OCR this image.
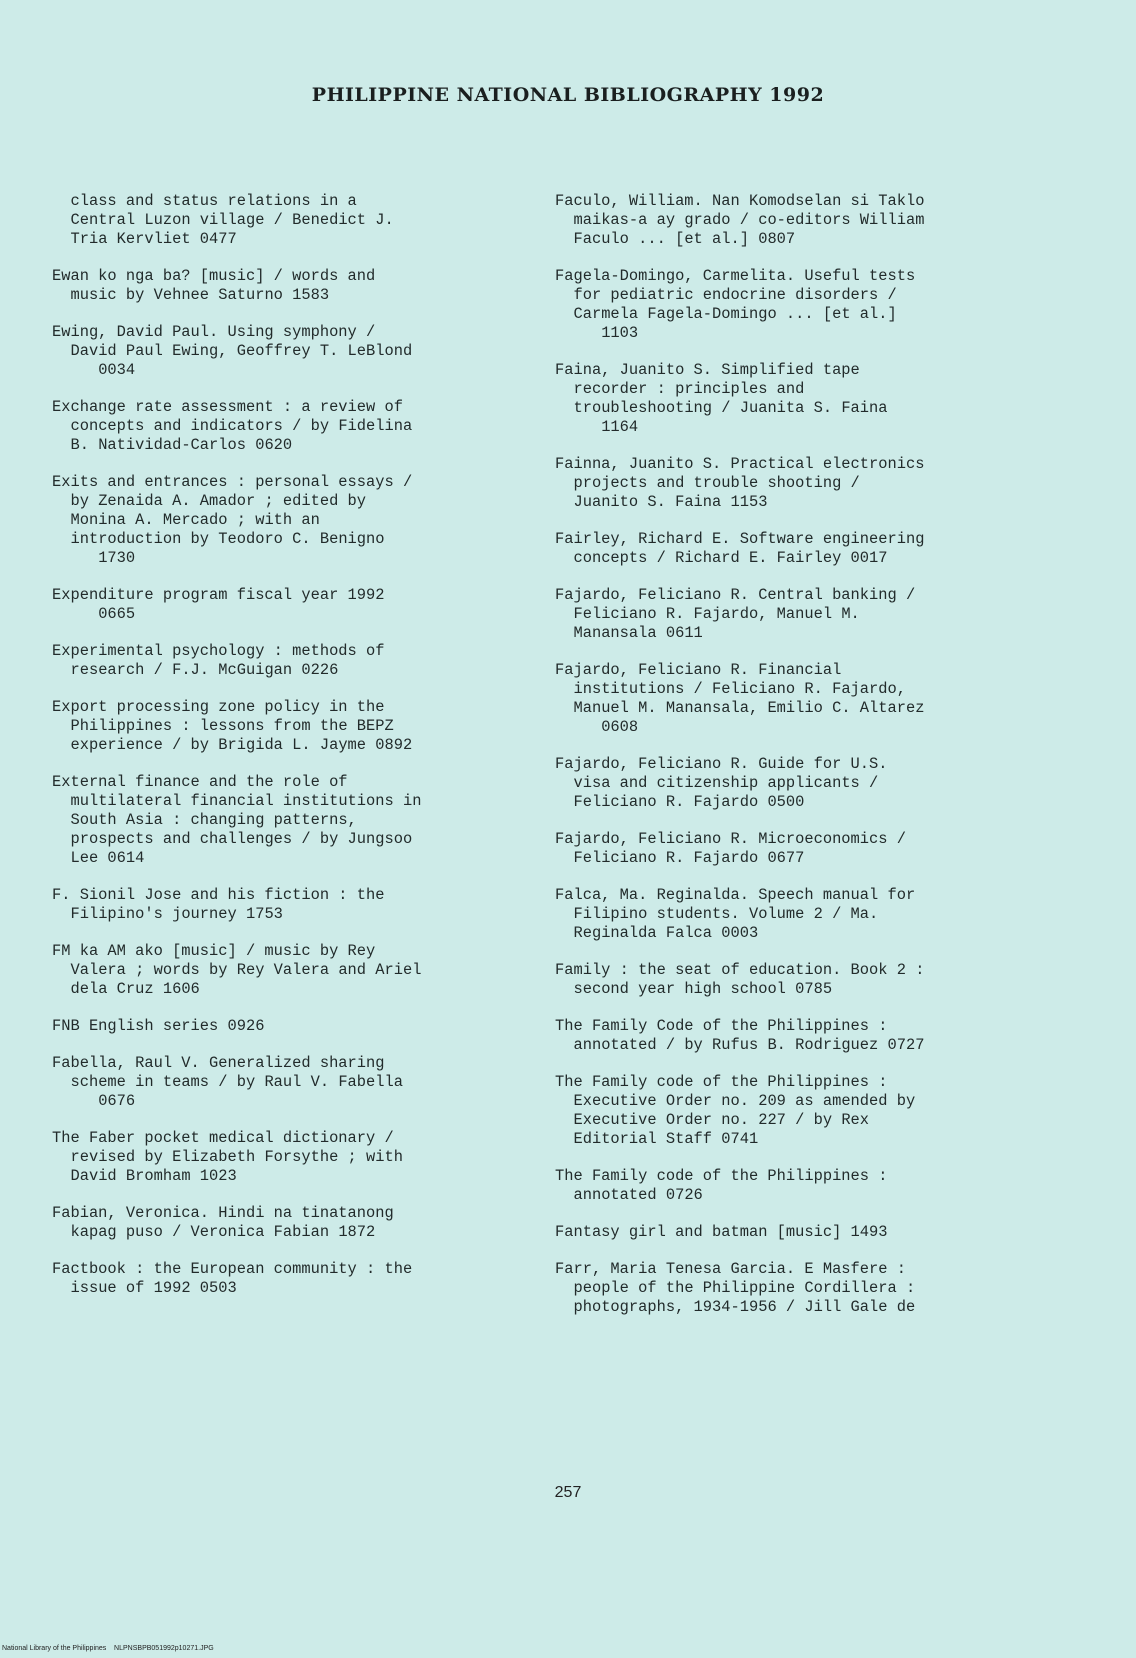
PHILIPPINE NATIONAL BIBLIOGRAPHY 1992
class and status relations in a
Central Luzon village / Benedict J.
Tria Kervliet 0477
Ewan ko nga ba? [music] / words and
music by Vehnee Saturno 1583
Ewing, David Paul. Using symphony /
David Paul Ewing, Geoffrey T. LeBlond
0034
Exchange rate assessment : a review of
concepts and indicators / by Fidelina
B. Natividad-Carlos 0620
Exits and entrances : personal essays /
by Zenaida A. Amador ; edited by
Monina A. Mercado ; with an
introduction by Teodoro C. Benigno
1730
Expenditure program fiscal year 1992
0665
Experimental psychology : methods of
research / F.J. McGuigan 0226
Export processing zone policy in the
Philippines : lessons from the BEPZ
experience / by Brigida L. Jayme 0892
External finance and the role of
multilateral financial institutions in
South Asia : changing patterns,
prospects and challenges / by Jungsoo
Lee 0614
F. Sionil Jose and his fiction : the
Filipino's journey 1753
FM ka AM ako [music] / music by Rey
Valera ; words by Rey Valera and Ariel
dela Cruz 1606
FNB English series 0926
Fabella, Raul V. Generalized sharing
scheme in teams / by Raul V. Fabella
0676
The Faber pocket medical dictionary /
revised by Elizabeth Forsythe ; with
David Bromham 1023
Fabian, Veronica. Hindi na tinatanong
kapag puso / Veronica Fabian 1872
Factbook : the European community : the
issue of 1992 0503
Faculo, William. Nan Komodselan si Taklo
maikas-a ay grado / co-editors William
Faculo ... [et al.] 0807
Fagela-Domingo, Carmelita. Useful tests
for pediatric endocrine disorders /
Carmela Fagela-Domingo ... [et al.]
1103
Faina, Juanito S. Simplified tape
recorder : principles and
troubleshooting / Juanita S. Faina
1164
Fainna, Juanito S. Practical electronics
projects and trouble shooting /
Juanito S. Faina 1153
Fairley, Richard E. Software engineering
concepts / Richard E. Fairley 0017
Fajardo, Feliciano R. Central banking /
Feliciano R. Fajardo, Manuel M.
Manansala 0611
Fajardo, Feliciano R. Financial
institutions / Feliciano R. Fajardo,
Manuel M. Manansala, Emilio C. Altarez
0608
Fajardo, Feliciano R. Guide for U.S.
visa and citizenship applicants /
Feliciano R. Fajardo 0500
Fajardo, Feliciano R. Microeconomics /
Feliciano R. Fajardo 0677
Falca, Ma. Reginalda. Speech manual for
Filipino students. Volume 2 / Ma.
Reginalda Falca 0003
Family : the seat of education. Book 2 :
second year high school 0785
The Family Code of the Philippines :
annotated / by Rufus B. Rodriguez 0727
The Family code of the Philippines :
Executive Order no. 209 as amended by
Executive Order no. 227 / by Rex
Editorial Staff 0741
The Family code of the Philippines :
annotated 0726
Fantasy girl and batman [music] 1493
Farr, Maria Tenesa Garcia. E Masfere :
people of the Philippine Cordillera :
photographs, 1934-1956 / Jill Gale de
257
National Library of the Philippines    NLPNSBPB051992p10271.JPG
